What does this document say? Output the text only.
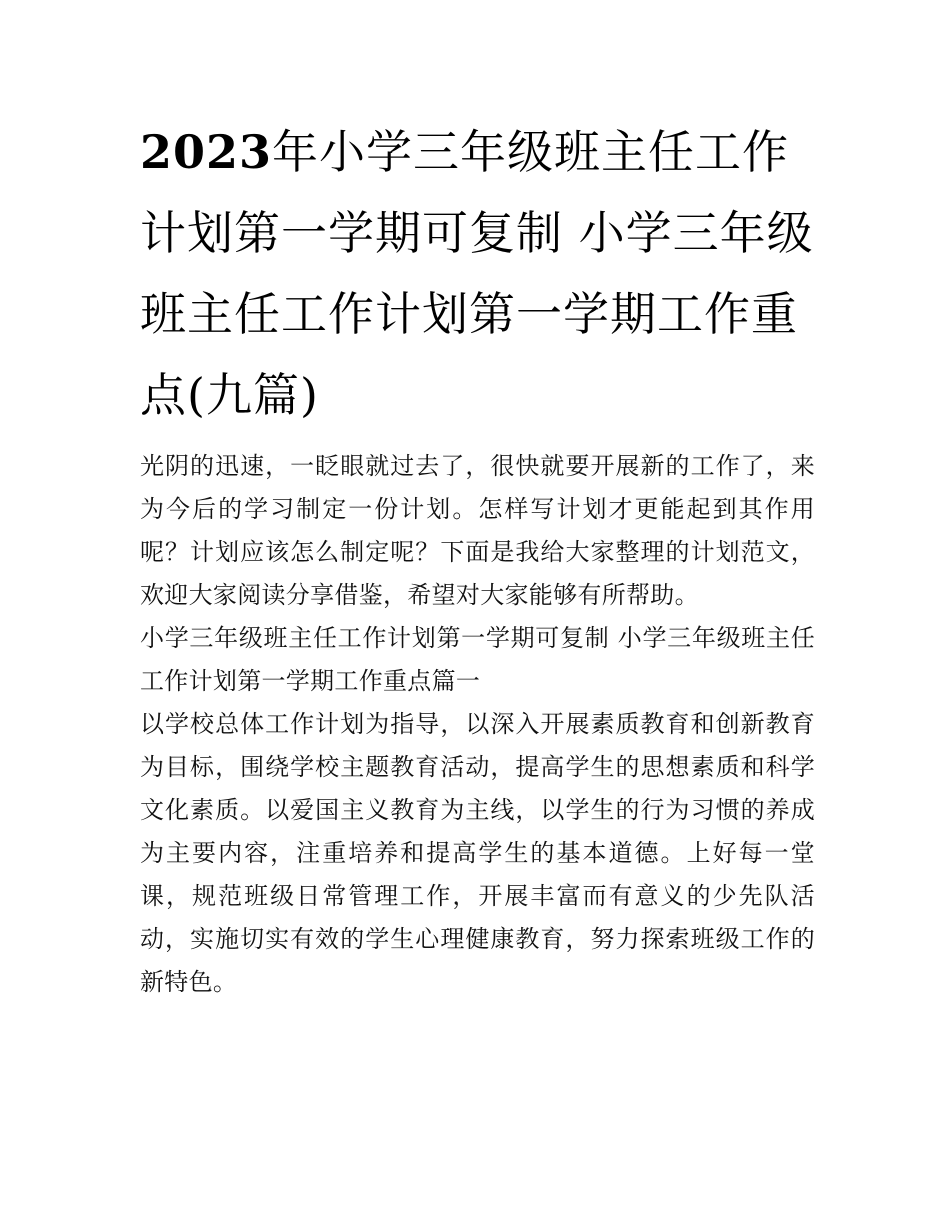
2023年小学三年级班主任工作计划第一学期可复制 小学三年级班主任工作计划第一学期工作重点(九篇)

光阴的迅速，一眨眼就过去了，很快就要开展新的工作了，来为今后的学习制定一份计划。怎样写计划才更能起到其作用呢？计划应该怎么制定呢？下面是我给大家整理的计划范文，欢迎大家阅读分享借鉴，希望对大家能够有所帮助。

小学三年级班主任工作计划第一学期可复制 小学三年级班主任工作计划第一学期工作重点篇一

以学校总体工作计划为指导，以深入开展素质教育和创新教育为目标，围绕学校主题教育活动，提高学生的思想素质和科学文化素质。以爱国主义教育为主线，以学生的行为习惯的养成为主要内容，注重培养和提高学生的基本道德。上好每一堂课，规范班级日常管理工作，开展丰富而有意义的少先队活动，实施切实有效的学生心理健康教育，努力探索班级工作的新特色。
